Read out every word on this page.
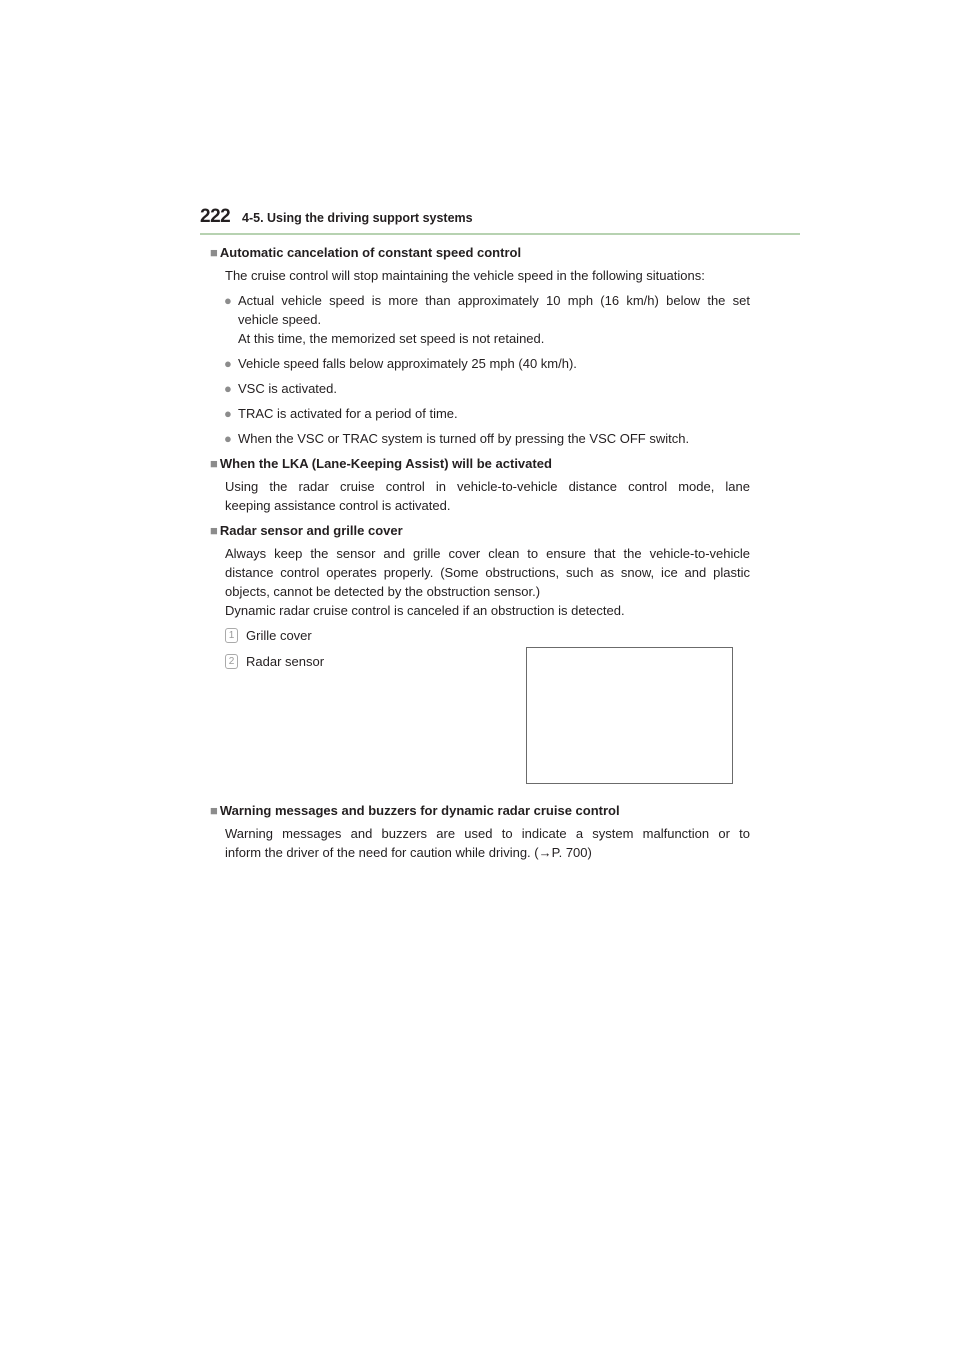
222 4-5. Using the driving support systems
■ Automatic cancelation of constant speed control
The cruise control will stop maintaining the vehicle speed in the following situations:
● Actual vehicle speed is more than approximately 10 mph (16 km/h) below the set
vehicle speed.
At this time, the memorized set speed is not retained.
● Vehicle speed falls below approximately 25 mph (40 km/h).
● VSC is activated.
● TRAC is activated for a period of time.
● When the VSC or TRAC system is turned off by pressing the VSC OFF switch.
■ When the LKA (Lane-Keeping Assist) will be activated
Using the radar cruise control in vehicle-to-vehicle distance control mode, lane
keeping assistance control is activated.
■ Radar sensor and grille cover
Always keep the sensor and grille cover clean to ensure that the vehicle-to-vehicle
distance control operates properly. (Some obstructions, such as snow, ice and plastic
objects, cannot be detected by the obstruction sensor.)
Dynamic radar cruise control is canceled if an obstruction is detected.
1 Grille cover
2 Radar sensor
■ Warning messages and buzzers for dynamic radar cruise control
Warning messages and buzzers are used to indicate a system malfunction or to
inform the driver of the need for caution while driving. (→P. 700)
